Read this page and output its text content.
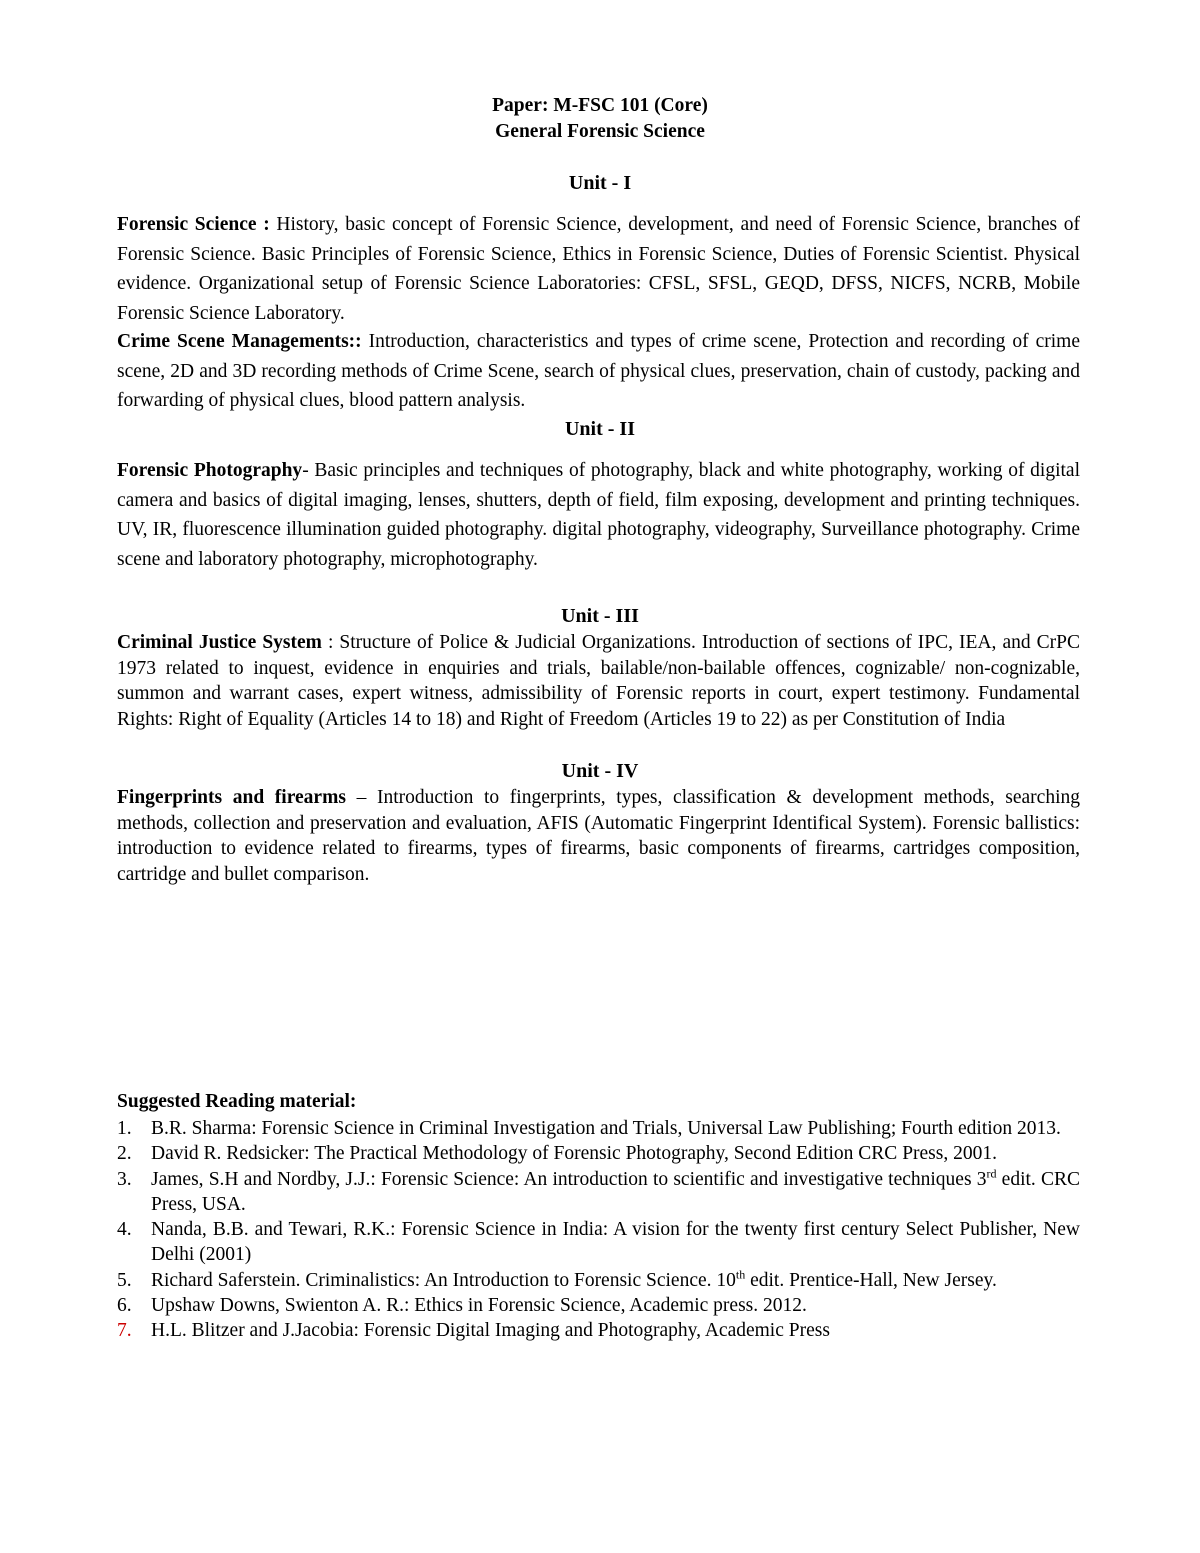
Paper: M-FSC 101 (Core)
General Forensic Science
Unit - I
Forensic Science : History, basic concept of Forensic Science, development, and need of Forensic Science, branches of Forensic Science. Basic Principles of Forensic Science, Ethics in Forensic Science, Duties of Forensic Scientist. Physical evidence. Organizational setup of Forensic Science Laboratories: CFSL, SFSL, GEQD, DFSS, NICFS, NCRB, Mobile Forensic Science Laboratory.
Crime Scene Managements:: Introduction, characteristics and types of crime scene, Protection and recording of crime scene, 2D and 3D recording methods of Crime Scene, search of physical clues, preservation, chain of custody, packing and forwarding of physical clues, blood pattern analysis.
Unit - II
Forensic Photography- Basic principles and techniques of photography, black and white photography, working of digital camera and basics of digital imaging, lenses, shutters, depth of field, film exposing, development and printing techniques. UV, IR, fluorescence illumination guided photography. digital photography, videography, Surveillance photography. Crime scene and laboratory photography, microphotography.
Unit - III
Criminal Justice System : Structure of Police & Judicial Organizations. Introduction of sections of IPC, IEA, and CrPC 1973 related to inquest, evidence in enquiries and trials, bailable/non-bailable offences, cognizable/ non-cognizable, summon and warrant cases, expert witness, admissibility of Forensic reports in court, expert testimony. Fundamental Rights: Right of Equality (Articles 14 to 18) and Right of Freedom (Articles 19 to 22) as per Constitution of India
Unit - IV
Fingerprints and firearms – Introduction to fingerprints, types, classification & development methods, searching methods, collection and preservation and evaluation, AFIS (Automatic Fingerprint Identifical System). Forensic ballistics: introduction to evidence related to firearms, types of firearms, basic components of firearms, cartridges composition, cartridge and bullet comparison.
Suggested Reading material:
1. B.R. Sharma: Forensic Science in Criminal Investigation and Trials, Universal Law Publishing; Fourth edition 2013.
2. David R. Redsicker: The Practical Methodology of Forensic Photography, Second Edition CRC Press, 2001.
3. James, S.H and Nordby, J.J.: Forensic Science: An introduction to scientific and investigative techniques 3rd edit. CRC Press, USA.
4. Nanda, B.B. and Tewari, R.K.: Forensic Science in India: A vision for the twenty first century Select Publisher, New Delhi (2001)
5. Richard Saferstein. Criminalistics: An Introduction to Forensic Science. 10th edit. Prentice-Hall, New Jersey.
6. Upshaw Downs, Swienton A. R.: Ethics in Forensic Science, Academic press. 2012.
7. H.L. Blitzer and J.Jacobia: Forensic Digital Imaging and Photography, Academic Press
